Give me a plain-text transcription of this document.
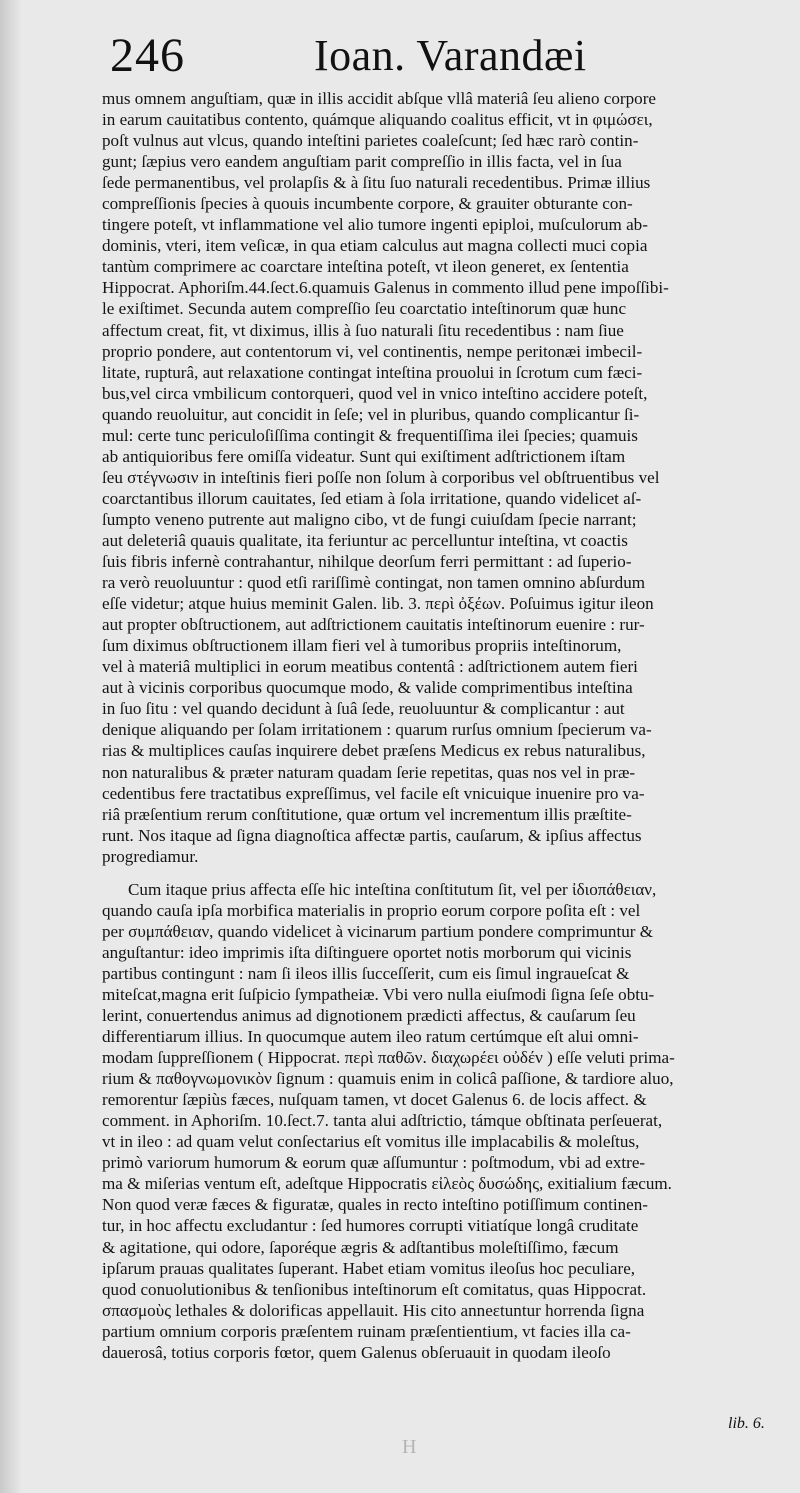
246	Ioan. Varandæi
mus omnem anguſtiam, quæ in illis accidit abſque vllâ materiâ ſeu alieno corpore
in earum cauitatibus contento, quámque aliquando coalitus efficit, vt in φιμώσει,
poſt vulnus aut vlcus, quando inteſtini parietes coaleſcunt; ſed hæc rarò contin-
gunt; ſæpius vero eandem anguſtiam parit compreſſio in illis facta, vel in ſua
ſede permanentibus, vel prolapſis & à ſitu ſuo naturali recedentibus. Primæ illius
compreſſionis ſpecies à quouis incumbente corpore, & grauiter obturante con-
tingere poteſt, vt inflammatione vel alio tumore ingenti epiploi, muſculorum ab-
dominis, vteri, item veſicæ, in qua etiam calculus aut magna collecti muci copia
tantùm comprimere ac coarctare inteſtina poteſt, vt ileon generet, ex ſententia
Hippocrat. Aphoriſm.44.ſect.6.quamuis Galenus in commento illud pene impoſſibi-
le exiſtimet. Secunda autem compreſſio ſeu coarctatio inteſtinorum quæ hunc
affectum creat, fit, vt diximus, illis à ſuo naturali ſitu recedentibus : nam ſiue
proprio pondere, aut contentorum vi, vel continentis, nempe peritonæi imbecil-
litate, rupturâ, aut relaxatione contingat inteſtina prouolui in ſcrotum cum fæci-
bus,vel circa vmbilicum contorqueri, quod vel in vnico inteſtino accidere poteſt,
quando reuoluitur, aut concidit in ſeſe; vel in pluribus, quando complicantur ſi-
mul: certe tunc periculoſiſſima contingit & frequentiſſima ilei ſpecies; quamuis
ab antiquioribus fere omiſſa videatur. Sunt qui exiſtiment adſtrictionem iſtam
ſeu στέγνωσιν in inteſtinis fieri poſſe non ſolum à corporibus vel obſtruentibus vel
coarctantibus illorum cauitates, ſed etiam à ſola irritatione, quando videlicet aſ-
ſumpto veneno putrente aut maligno cibo, vt de fungi cuiuſdam ſpecie narrant;
aut deleteriâ quauis qualitate, ita feriuntur ac percelluntur inteſtina, vt coactis
ſuis fibris infernè contrahantur, nihilque deorſum ferri permittant : ad ſuperio-
ra verò reuoluuntur : quod etſi rariſſimè contingat, non tamen omnino abſurdum
eſſe videtur; atque huius meminit Galen. lib. 3. περὶ ὀξέων. Poſuimus igitur ileon
aut propter obſtructionem, aut adſtrictionem cauitatis inteſtinorum euenire : rur-
ſum diximus obſtructionem illam fieri vel à tumoribus propriis inteſtinorum,
vel à materiâ multiplici in eorum meatibus contentâ : adſtrictionem autem fieri
aut à vicinis corporibus quocumque modo, & valide comprimentibus inteſtina
in ſuo ſitu : vel quando decidunt à ſuâ ſede, reuoluuntur & complicantur : aut
denique aliquando per ſolam irritationem : quarum rurſus omnium ſpecierum va-
rias & multiplices cauſas inquirere debet præſens Medicus ex rebus naturalibus,
non naturalibus & præter naturam quadam ſerie repetitas, quas nos vel in præ-
cedentibus fere tractatibus expreſſimus, vel facile eſt vnicuique inuenire pro va-
riâ præſentium rerum conſtitutione, quæ ortum vel incrementum illis præſtite-
runt. Nos itaque ad ſigna diagnoſtica affectæ partis, cauſarum, & ipſius affectus
progrediamur.
Cum itaque prius affecta eſſe hic inteſtina conſtitutum ſit, vel per ἰδιοπάθειαν,
quando cauſa ipſa morbifica materialis in proprio eorum corpore poſita eſt : vel
per συμπάθειαν, quando videlicet à vicinarum partium pondere comprimuntur &
anguſtantur: ideo imprimis iſta diſtinguere oportet notis morborum qui vicinis
partibus contingunt : nam ſi ileos illis ſucceſſerit, cum eis ſimul ingraueſcat &
miteſcat,magna erit ſuſpicio ſympatheiæ. Vbi vero nulla eiuſmodi ſigna ſeſe obtu-
lerint, conuertendus animus ad dignotionem prædicti affectus, & cauſarum ſeu
differentiarum illius. In quocumque autem ileo ratum certúmque eſt alui omni-
modam ſuppreſſionem ( Hippocrat. περὶ παθῶν. διαχωρέει οὐδέν ) eſſe veluti prima-
rium & παθογνωμονικὸν ſignum : quamuis enim in colicâ paſſione, & tardiore aluo,
remorentur ſæpiùs fæces, nuſquam tamen, vt docet Galenus 6. de locis affect. &
comment. in Aphoriſm. 10.ſect.7. tanta alui adſtrictio, támque obſtinata perſeuerat,
vt in ileo : ad quam velut conſectarius eſt vomitus ille implacabilis & moleſtus,
primò variorum humorum & eorum quæ aſſumuntur : poſtmodum, vbi ad extre-
ma & miſerias ventum eſt, adeſtque Hippocratis εἰλεὸς δυσώδης, exitialium fæcum.
Non quod veræ fæces & figuratæ, quales in recto inteſtino potiſſimum continen-
tur, in hoc affectu excludantur : ſed humores corrupti vitiatíque longâ cruditate
& agitatione, qui odore, ſaporéque ægris & adſtantibus moleſtiſſimo, fæcum
ipſarum prauas qualitates ſuperant. Habet etiam vomitus ileoſus hoc peculiare,
quod conuolutionibus & tenſionibus inteſtinorum eſt comitatus, quas Hippocrat.
σπασμοὺς lethales & dolorificas appellauit. His cito anneɛtuntur horrenda ſigna
partium omnium corporis præſentem ruinam præſentientium, vt facies illa ca-
dauerosâ, totius corporis fœtor, quem Galenus obſeruauit in quodam ileoſo
lib. 6.
H
